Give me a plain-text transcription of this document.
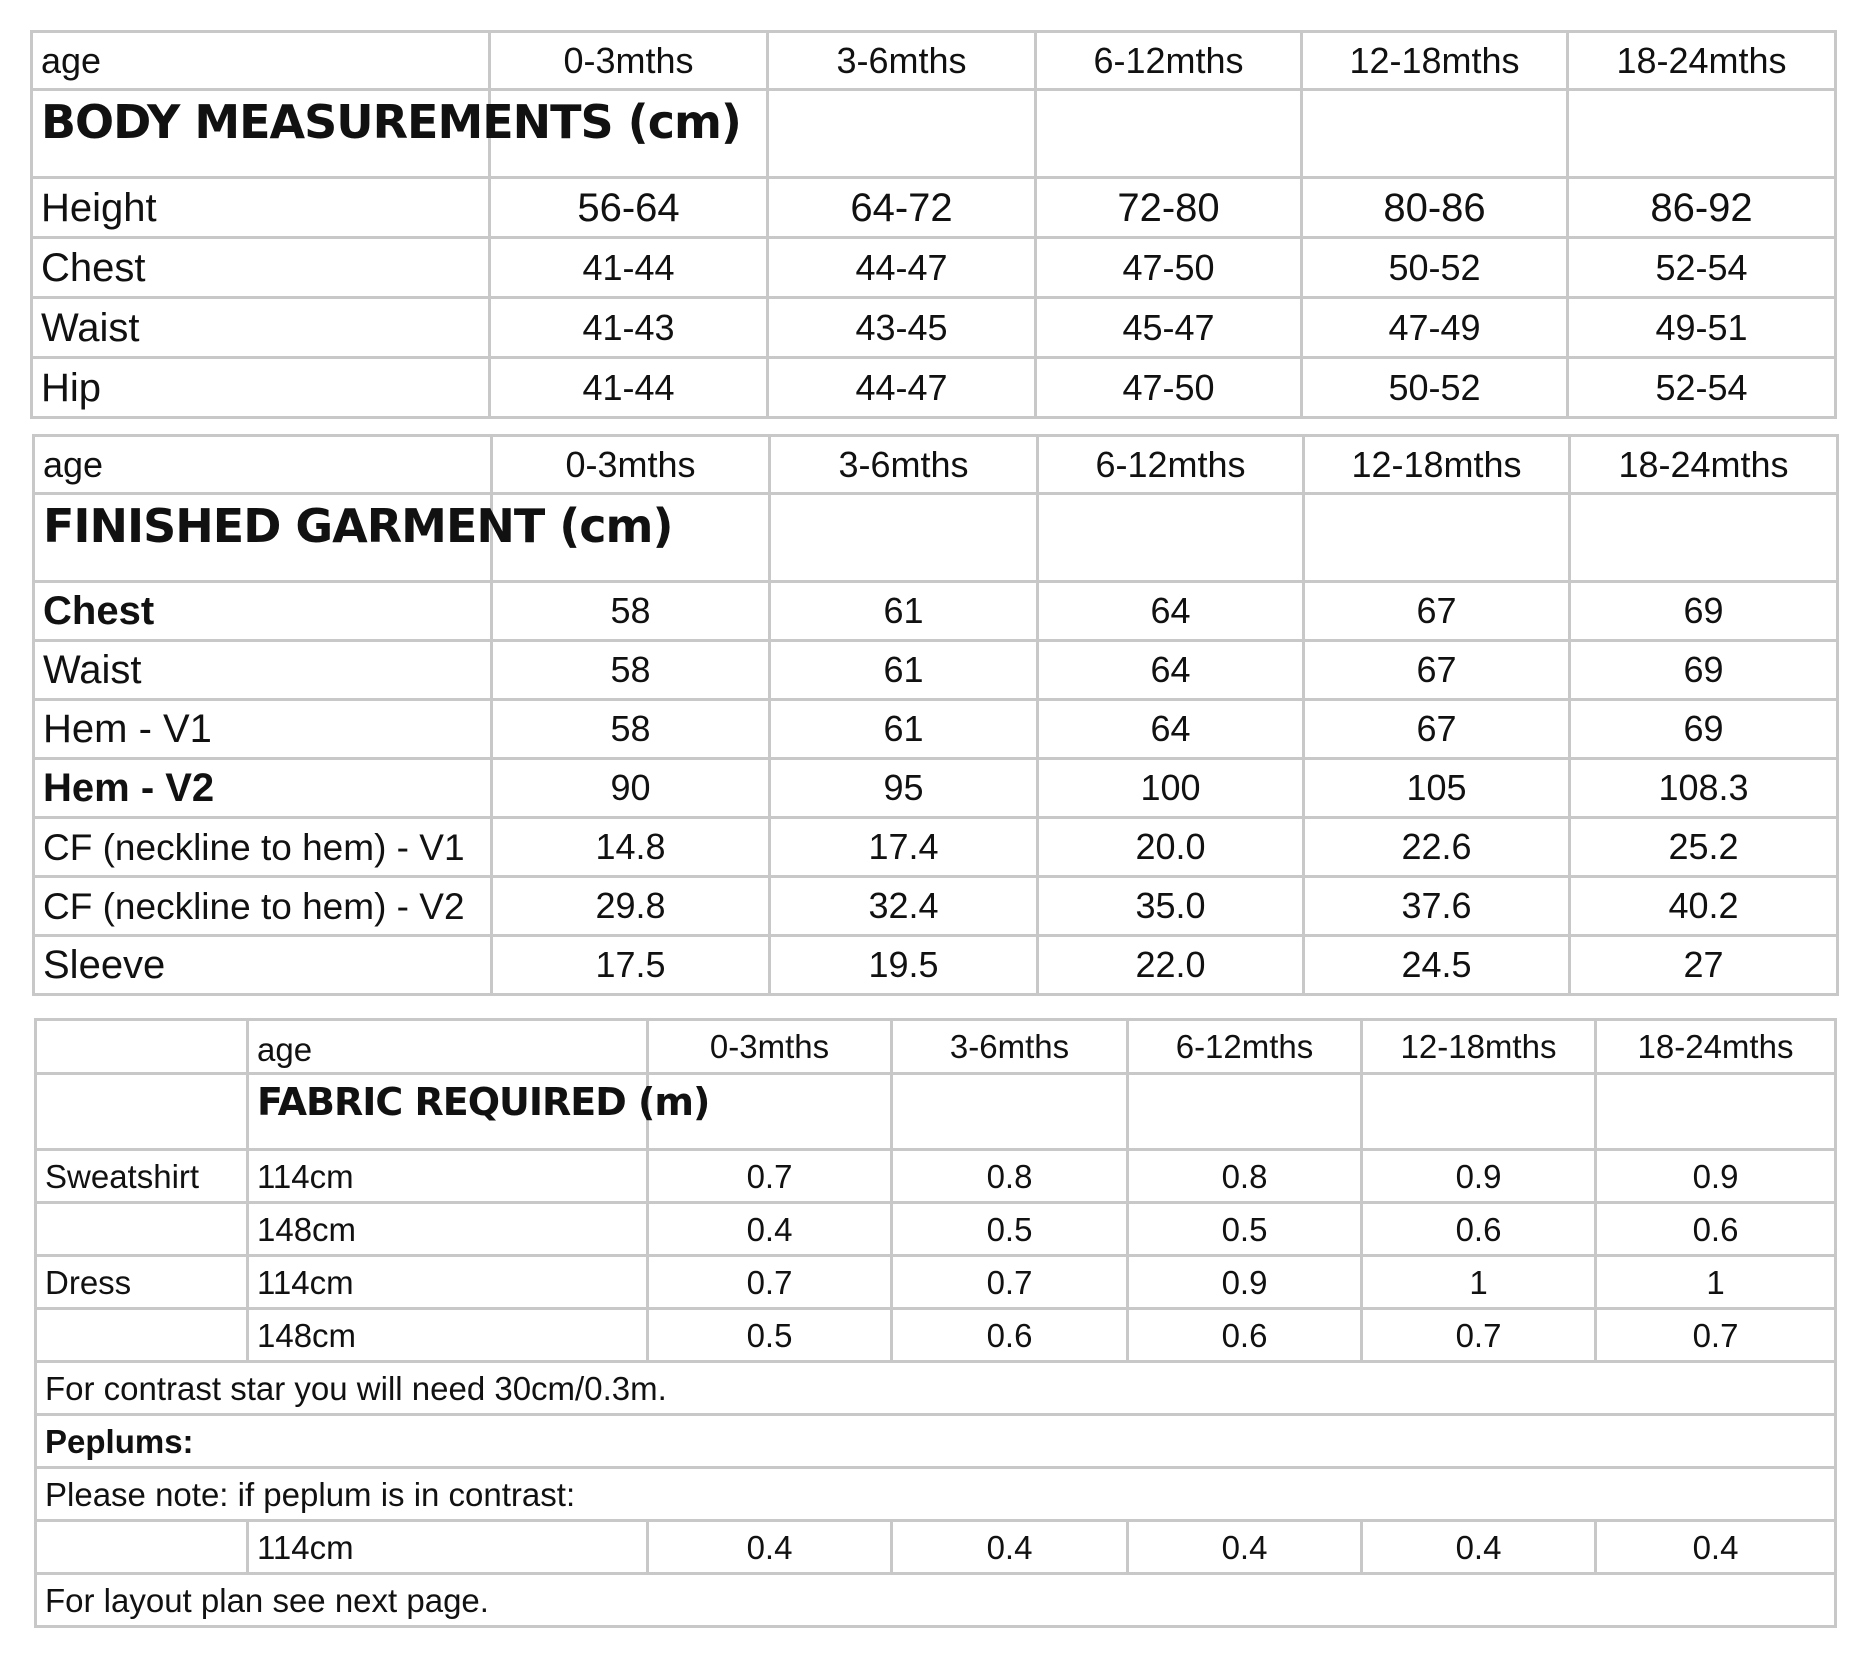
age	0-3mths	3-6mths	6-12mths	12-18mths	18-24mths
BODY MEASUREMENTS (cm)					
Height	56-64	64-72	72-80	80-86	86-92
Chest	41-44	44-47	47-50	50-52	52-54
Waist	41-43	43-45	45-47	47-49	49-51
Hip	41-44	44-47	47-50	50-52	52-54
age	0-3mths	3-6mths	6-12mths	12-18mths	18-24mths
FINISHED GARMENT (cm)					
Chest	58	61	64	67	69
Waist	58	61	64	67	69
Hem - V1	58	61	64	67	69
Hem - V2	90	95	100	105	108.3
CF (neckline to hem) - V1	14.8	17.4	20.0	22.6	25.2
CF (neckline to hem) - V2	29.8	32.4	35.0	37.6	40.2
Sleeve	17.5	19.5	22.0	24.5	27
	age	0-3mths	3-6mths	6-12mths	12-18mths	18-24mths
	FABRIC REQUIRED (m)					
Sweatshirt	114cm	0.7	0.8	0.8	0.9	0.9
	148cm	0.4	0.5	0.5	0.6	0.6
Dress	114cm	0.7	0.7	0.9	1	1
	148cm	0.5	0.6	0.6	0.7	0.7
For contrast star you will need 30cm/0.3m.						
Peplums:						
Please note: if peplum is in contrast:						
	114cm	0.4	0.4	0.4	0.4	0.4
For layout plan see next page.						
